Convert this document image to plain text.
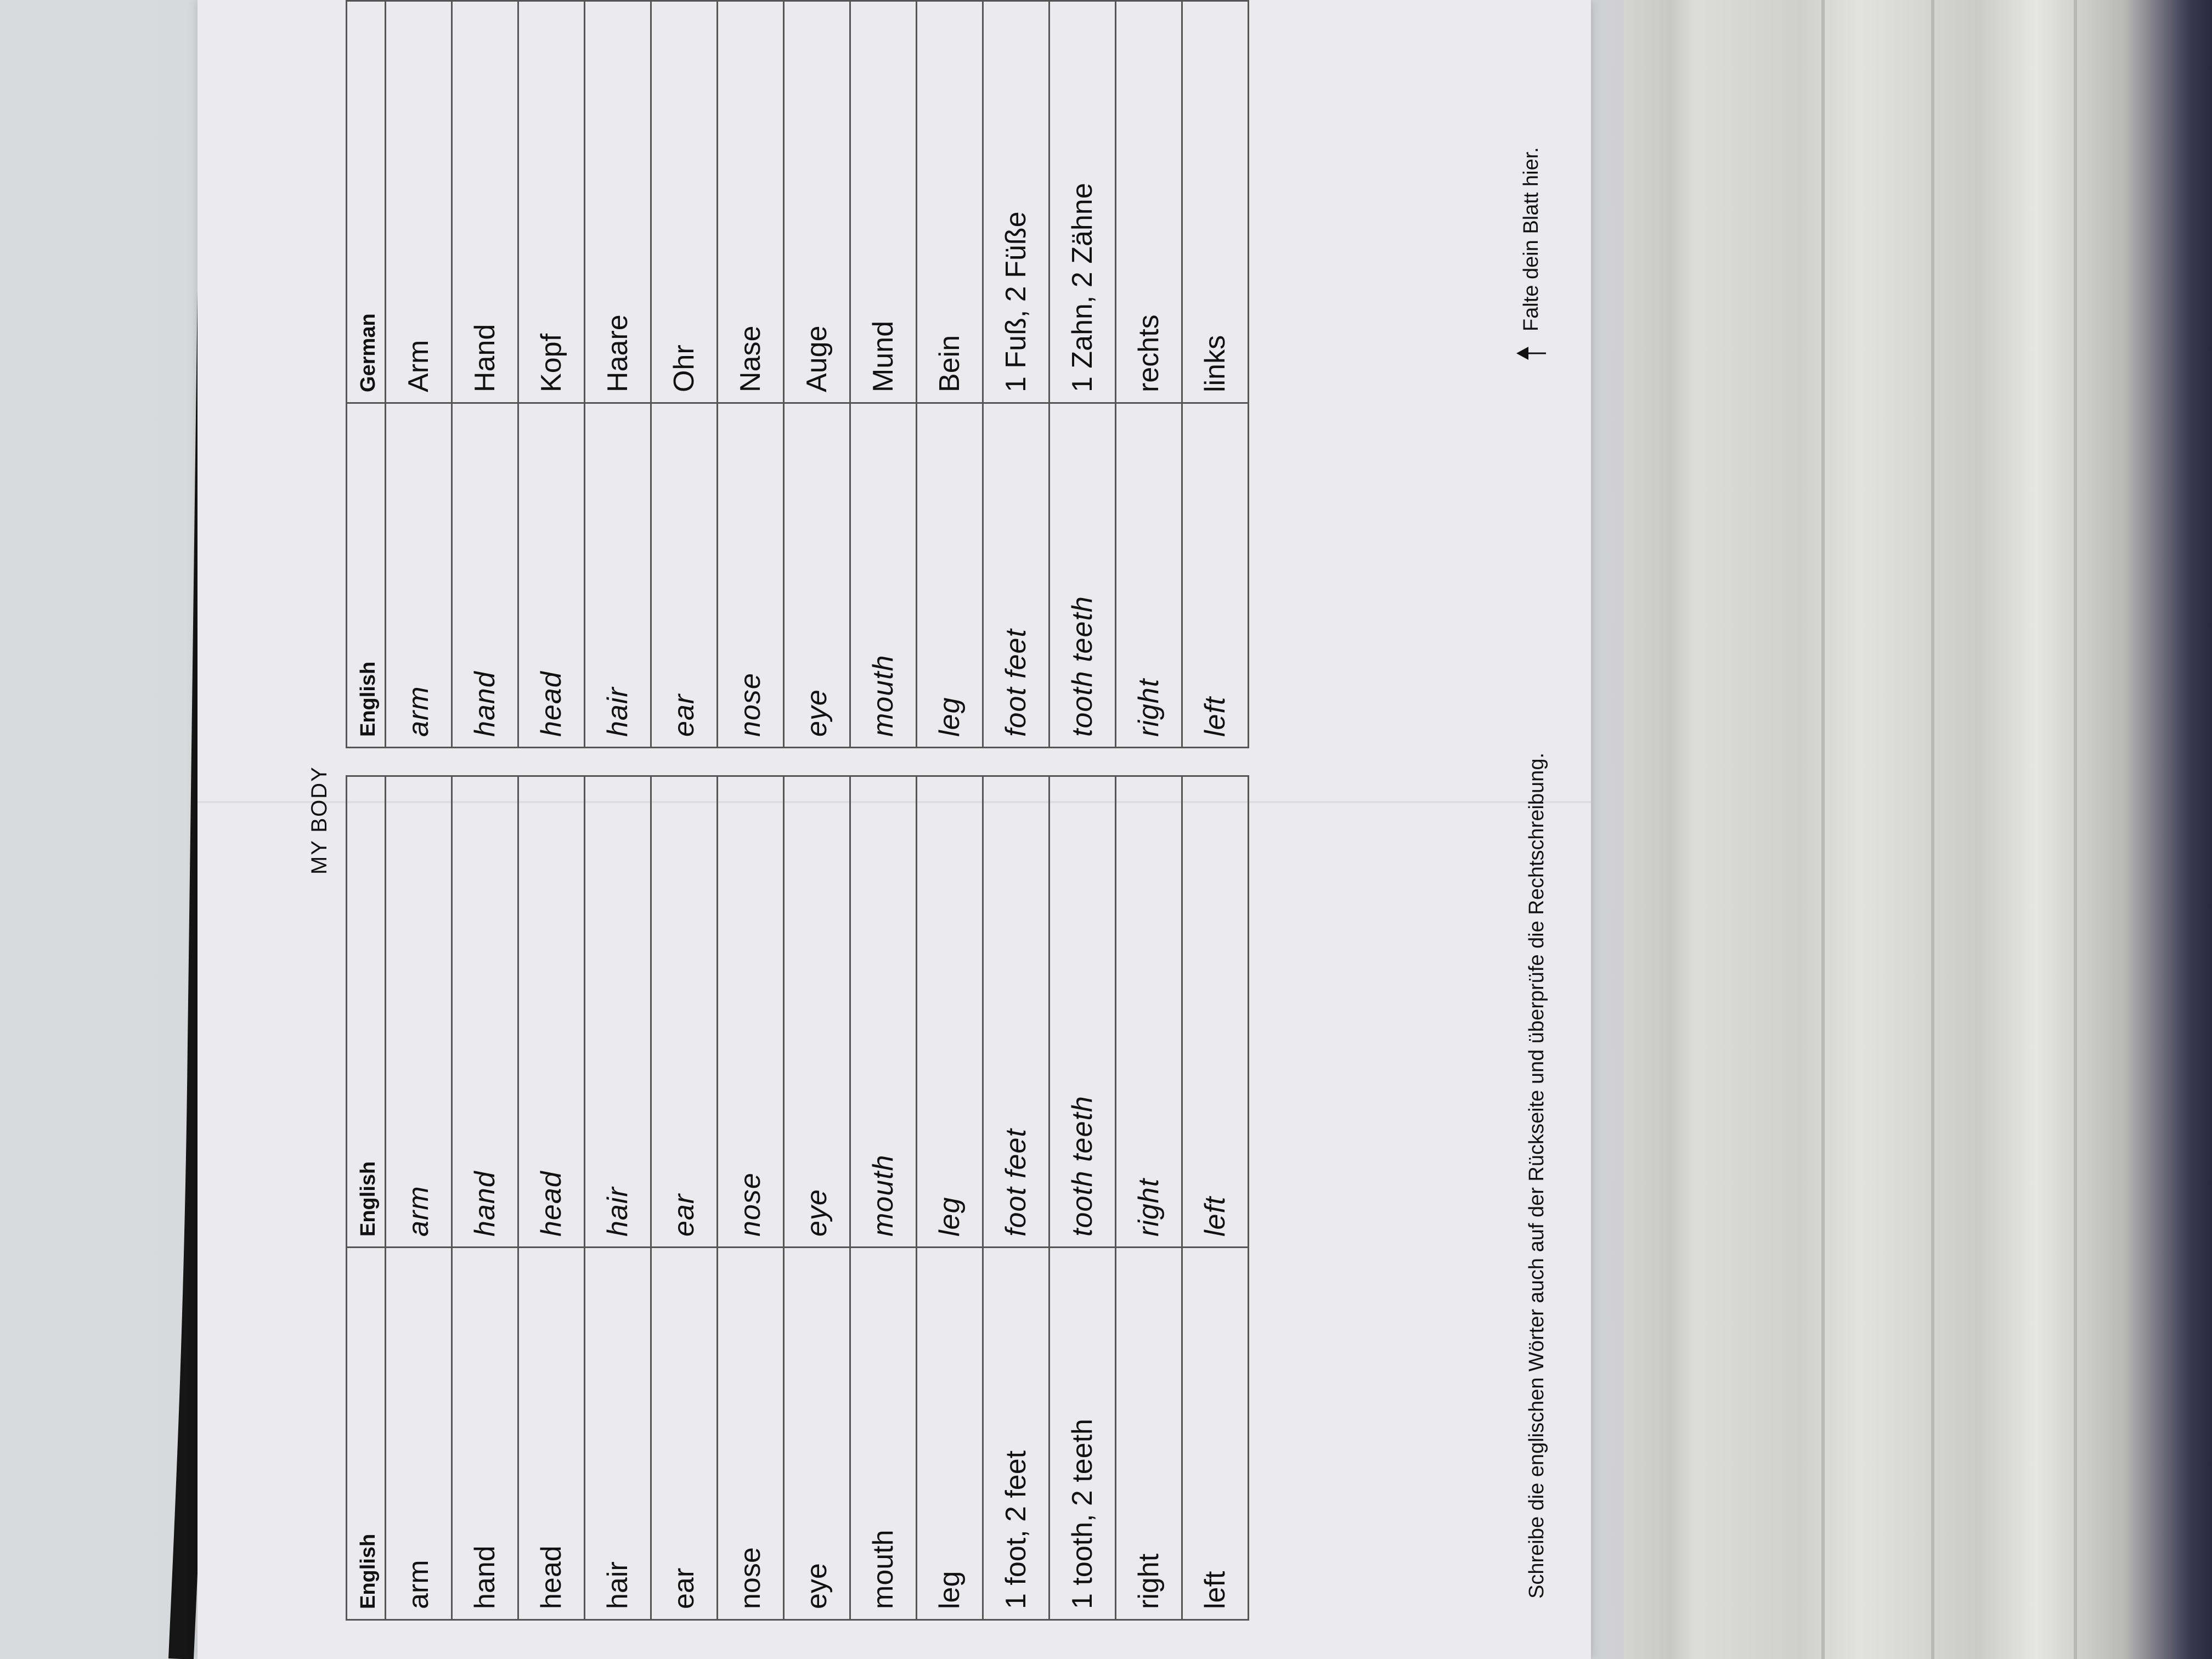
MY BODY
English	English
arm	arm
hand	hand
head	head
hair	hair
ear	ear
nose	nose
eye	eye
mouth	mouth
leg	leg
1 foot, 2 feet	foot feet
1 tooth, 2 teeth	tooth teeth
right	right
left	left
English	German
arm	Arm
hand	Hand
head	Kopf
hair	Haare
ear	Ohr
nose	Nase
eye	Auge
mouth	Mund
leg	Bein
foot feet	1 Fuß, 2 Füße
tooth teeth	1 Zahn, 2 Zähne
right	rechts
left	links
Schreibe die englischen Wörter auch auf der Rückseite und überprüfe die Rechtschreibung.
Falte dein Blatt hier.
